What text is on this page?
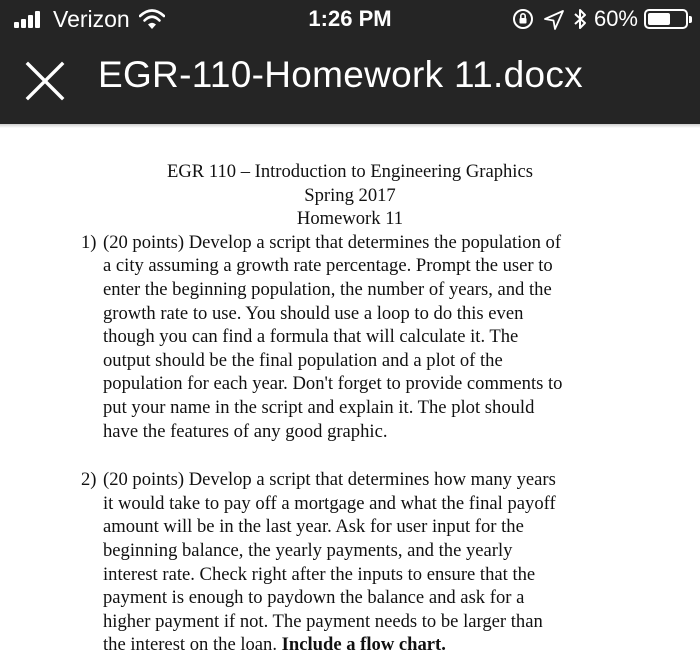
Verizon	1:26 PM	60%
EGR-110-Homework 11.docx
EGR 110 – Introduction to Engineering Graphics
Spring 2017
Homework 11
1) (20 points) Develop a script that determines the population of
a city assuming a growth rate percentage. Prompt the user to
enter the beginning population, the number of years, and the
growth rate to use. You should use a loop to do this even
though you can find a formula that will calculate it. The
output should be the final population and a plot of the
population for each year. Don't forget to provide comments to
put your name in the script and explain it. The plot should
have the features of any good graphic.
2) (20 points) Develop a script that determines how many years
it would take to pay off a mortgage and what the final payoff
amount will be in the last year. Ask for user input for the
beginning balance, the yearly payments, and the yearly
interest rate. Check right after the inputs to ensure that the
payment is enough to paydown the balance and ask for a
higher payment if not. The payment needs to be larger than
the interest on the loan. Include a flow chart.
